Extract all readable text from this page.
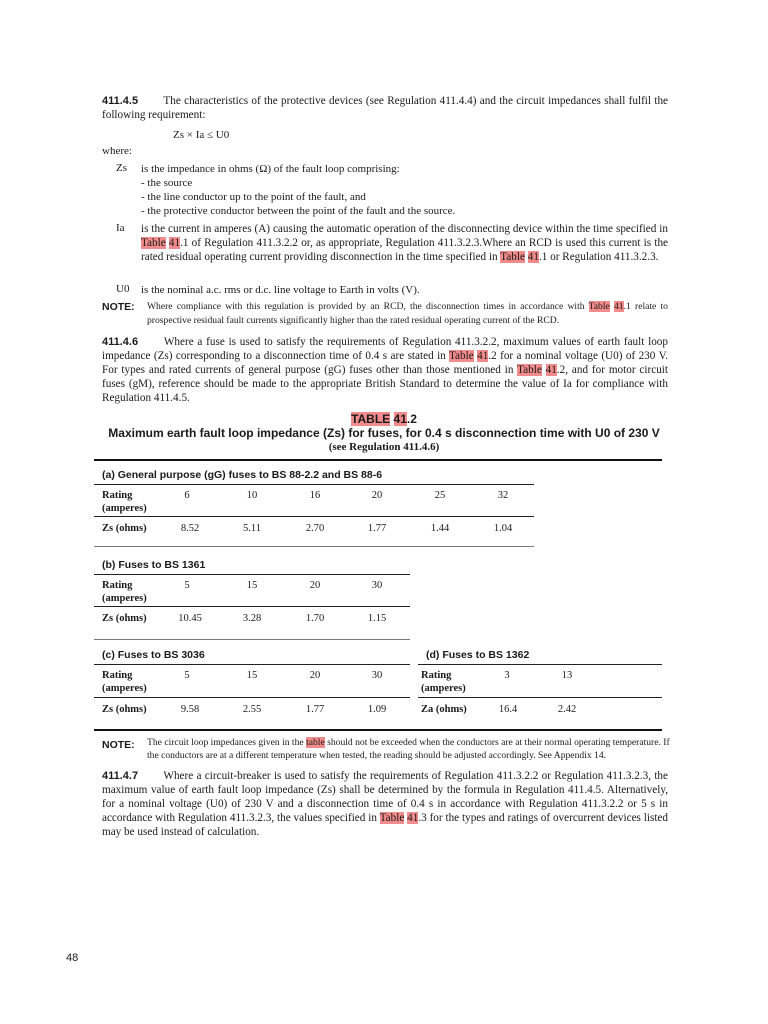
411.4.5 The characteristics of the protective devices (see Regulation 411.4.4) and the circuit impedances shall fulfil the following requirement:
Zs × Ia ≤ U0
where:
Zs is the impedance in ohms (Ω) of the fault loop comprising:
- the source
- the line conductor up to the point of the fault, and
- the protective conductor between the point of the fault and the source.
Ia is the current in amperes (A) causing the automatic operation of the disconnecting device within the time specified in Table 41.1 of Regulation 411.3.2.2 or, as appropriate, Regulation 411.3.2.3.Where an RCD is used this current is the rated residual operating current providing disconnection in the time specified in Table 41.1 or Regulation 411.3.2.3.
U0 is the nominal a.c. rms or d.c. line voltage to Earth in volts (V).
NOTE: Where compliance with this regulation is provided by an RCD, the disconnection times in accordance with Table 41.1 relate to prospective residual fault currents significantly higher than the rated residual operating current of the RCD.
411.4.6 Where a fuse is used to satisfy the requirements of Regulation 411.3.2.2, maximum values of earth fault loop impedance (Zs) corresponding to a disconnection time of 0.4 s are stated in Table 41.2 for a nominal voltage (U0) of 230 V. For types and rated currents of general purpose (gG) fuses other than those mentioned in Table 41.2, and for motor circuit fuses (gM), reference should be made to the appropriate British Standard to determine the value of Ia for compliance with Regulation 411.4.5.
TABLE 41.2
Maximum earth fault loop impedance (Zs) for fuses, for 0.4 s disconnection time with U0 of 230 V
(see Regulation 411.4.6)
(a) General purpose (gG) fuses to BS 88-2.2 and BS 88-6
Rating
(amperes)
6	10	16	20	25	32
Zs (ohms)	8.52	5.11	2.70	1.77	1.44	1.04
(b) Fuses to BS 1361
Rating
(amperes)
5	15	20	30
Zs (ohms)	10.45	3.28	1.70	1.15
(c) Fuses to BS 3036
Rating
(amperes)
5	15	20	30
Zs (ohms)	9.58	2.55	1.77	1.09
(d) Fuses to BS 1362
Rating
(amperes)
3	13
Za (ohms)	16.4	2.42
NOTE: The circuit loop impedances given in the table should not be exceeded when the conductors are at their normal operating temperature. If the conductors are at a different temperature when tested, the reading should be adjusted accordingly. See Appendix 14.
411.4.7 Where a circuit-breaker is used to satisfy the requirements of Regulation 411.3.2.2 or Regulation 411.3.2.3, the maximum value of earth fault loop impedance (Zs) shall be determined by the formula in Regulation 411.4.5. Alternatively, for a nominal voltage (U0) of 230 V and a disconnection time of 0.4 s in accordance with Regulation 411.3.2.2 or 5 s in accordance with Regulation 411.3.2.3, the values specified in Table 41.3 for the types and ratings of overcurrent devices listed may be used instead of calculation.
48
